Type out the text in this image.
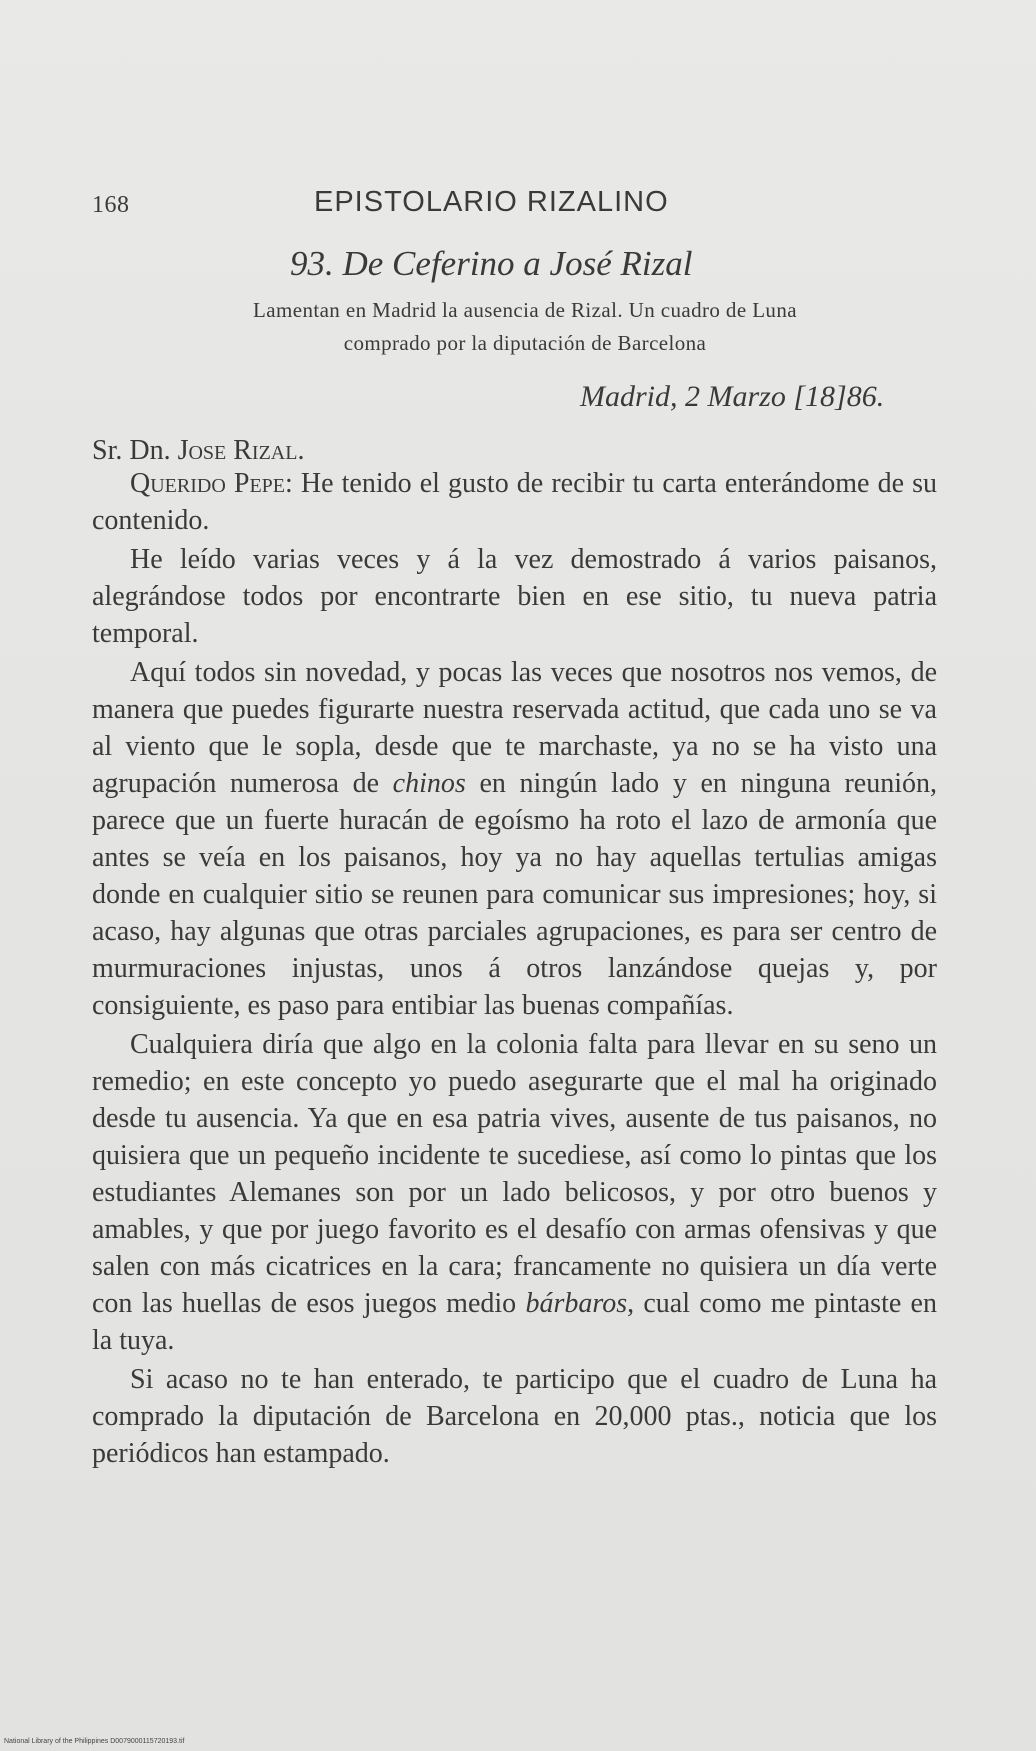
168	EPISTOLARIO RIZALINO
93. De Ceferino a José Rizal
Lamentan en Madrid la ausencia de Rizal. Un cuadro de Luna
comprado por la diputación de Barcelona
Madrid, 2 Marzo [18]86.
Sr. Dn. Jose Rizal.

Querido Pepe: He tenido el gusto de recibir tu carta enterándome de su contenido.

He leído varias veces y á la vez demostrado á varios paisanos, alegrándose todos por encontrarte bien en ese sitio, tu nueva patria temporal.

Aquí todos sin novedad, y pocas las veces que nosotros nos vemos, de manera que puedes figurarte nuestra reservada actitud, que cada uno se va al viento que le sopla, desde que te marchaste, ya no se ha visto una agrupación numerosa de chinos en ningún lado y en ninguna reunión, parece que un fuerte huracán de egoísmo ha roto el lazo de armonía que antes se veía en los paisanos, hoy ya no hay aquellas tertulias amigas donde en cualquier sitio se reunen para comunicar sus impresiones; hoy, si acaso, hay algunas que otras parciales agrupaciones, es para ser centro de murmuraciones injustas, unos á otros lanzándose quejas y, por consiguiente, es paso para entibiar las buenas compañías.

Cualquiera diría que algo en la colonia falta para llevar en su seno un remedio; en este concepto yo puedo asegurarte que el mal ha originado desde tu ausencia. Ya que en esa patria vives, ausente de tus paisanos, no quisiera que un pequeño incidente te sucediese, así como lo pintas que los estudiantes Alemanes son por un lado belicosos, y por otro buenos y amables, y que por juego favorito es el desafío con armas ofensivas y que salen con más cicatrices en la cara; francamente no quisiera un día verte con las huellas de esos juegos medio bárbaros, cual como me pintaste en la tuya.

Si acaso no te han enterado, te participo que el cuadro de Luna ha comprado la diputación de Barcelona en 20,000 ptas., noticia que los periódicos han estampado.

National Library of the Philippines D0079000115720193.tif
